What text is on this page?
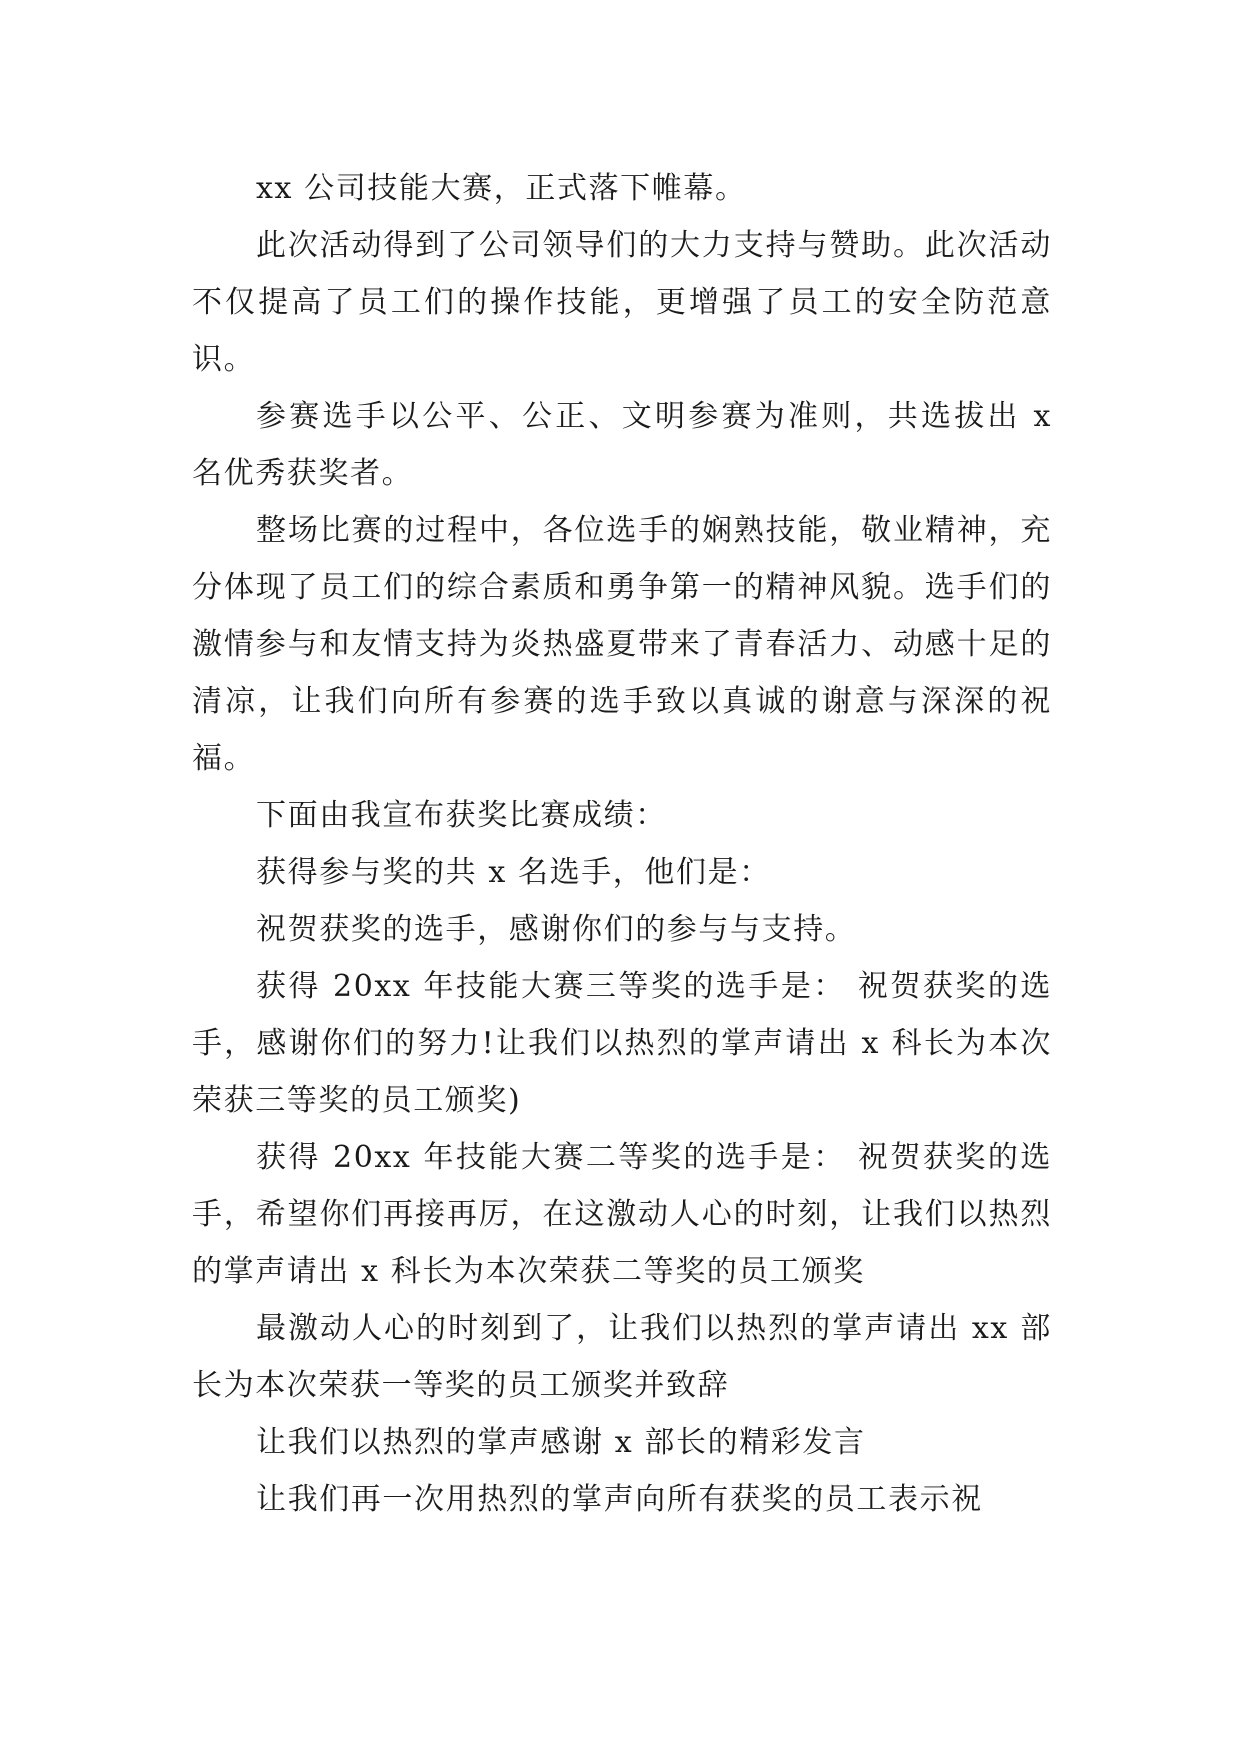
xx 公司技能大赛，正式落下帷幕。

此次活动得到了公司领导们的大力支持与赞助。此次活动不仅提高了员工们的操作技能，更增强了员工的安全防范意识。

参赛选手以公平、公正、文明参赛为准则，共选拔出 x 名优秀获奖者。

整场比赛的过程中，各位选手的娴熟技能，敬业精神，充分体现了员工们的综合素质和勇争第一的精神风貌。选手们的激情参与和友情支持为炎热盛夏带来了青春活力、动感十足的清凉，让我们向所有参赛的选手致以真诚的谢意与深深的祝福。

下面由我宣布获奖比赛成绩：

获得参与奖的共 x 名选手，他们是：

祝贺获奖的选手，感谢你们的参与与支持。

获得 20xx 年技能大赛三等奖的选手是： 祝贺获奖的选手，感谢你们的努力!让我们以热烈的掌声请出 x 科长为本次荣获三等奖的员工颁奖)

获得 20xx 年技能大赛二等奖的选手是： 祝贺获奖的选手，希望你们再接再厉，在这激动人心的时刻，让我们以热烈的掌声请出 x 科长为本次荣获二等奖的员工颁奖

最激动人心的时刻到了，让我们以热烈的掌声请出 xx 部长为本次荣获一等奖的员工颁奖并致辞

让我们以热烈的掌声感谢 x 部长的精彩发言

让我们再一次用热烈的掌声向所有获奖的员工表示祝
